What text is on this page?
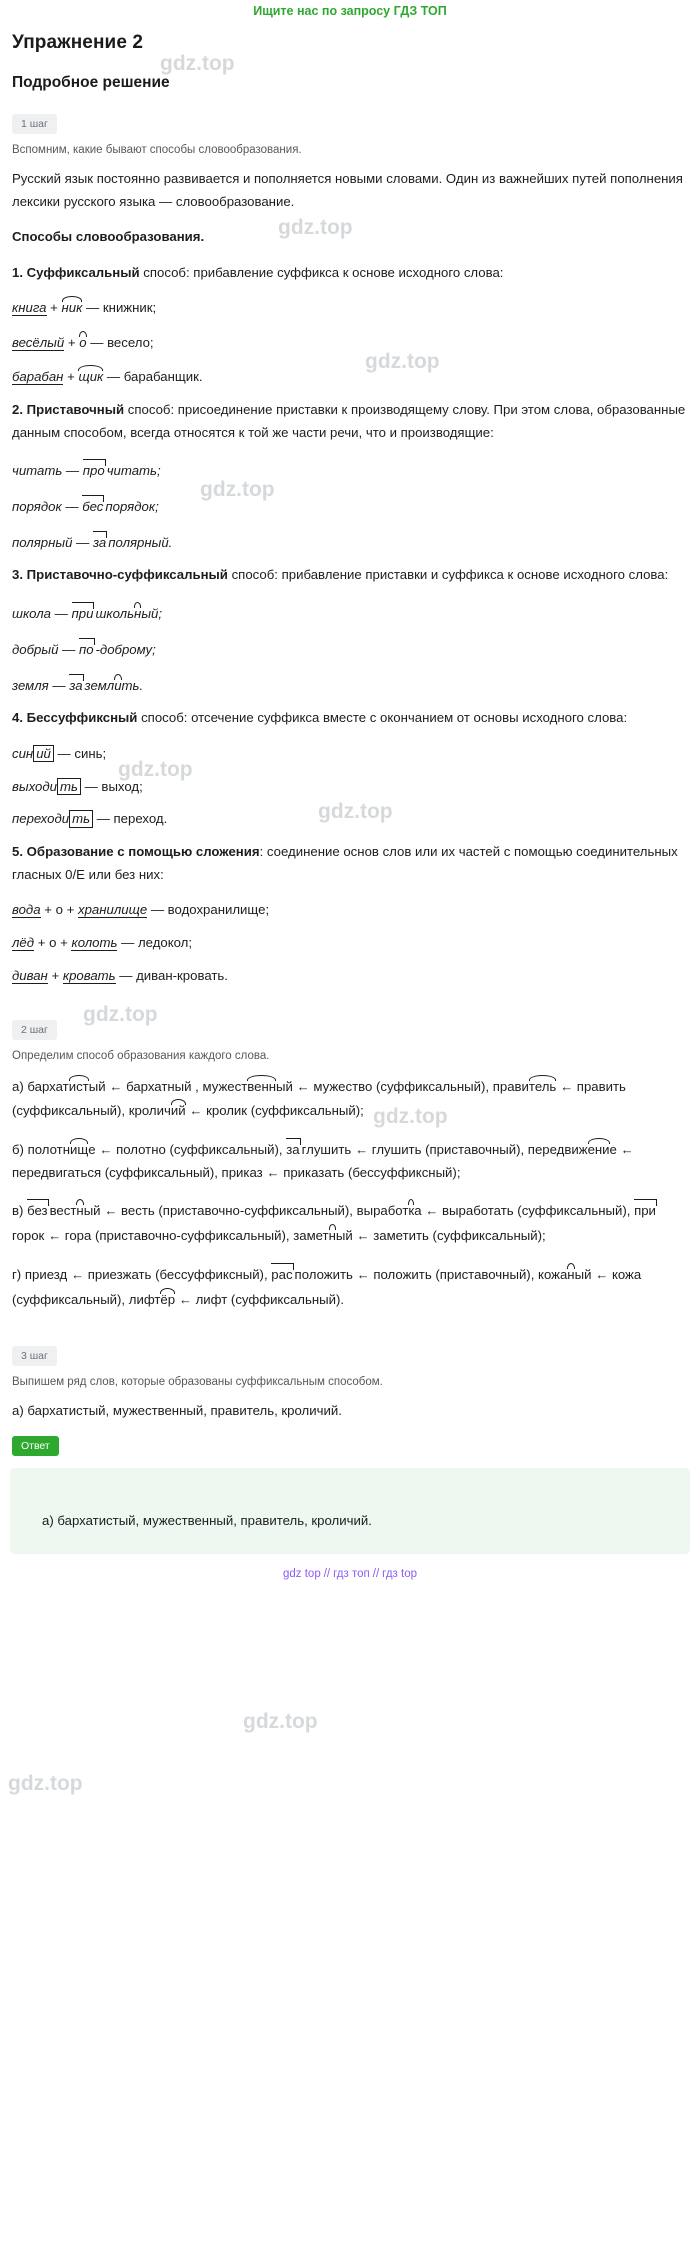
Ищите нас по запросу ГДЗ ТОП
Упражнение 2
Подробное решение
1 шаг
Вспомним, какие бывают способы словообразования.

Русский язык постоянно развивается и пополняется новыми словами. Один из важнейших путей пополнения лексики русского языка — словообразование.

Способы словообразования.

1. Суффиксальный способ: прибавление суффикса к основе исходного слова:

книга + ник — книжник;

весёлый + о — весело;

барабан + щик — барабанщик.

2. Приставочный способ: присоединение приставки к производящему слову. При этом слова, образованные данным способом, всегда относятся к той же части речи, что и производящие:

читать — про читать;

порядок — бес порядок;

полярный — за полярный.

3. Приставочно-суффиксальный способ: прибавление приставки и суффикса к основе исходного слова:

школа — при школьный;

добрый — по -доброму;

земля — за землить.

4. Бессуффиксный способ: отсечение суффикса вместе с окончанием от основы исходного слова:

син ий — синь;

выходи ть — выход;

переходи ть — переход.

5. Образование с помощью сложения: соединение основ слов или их частей с помощью соединительных гласных 0/Е или без них:

вода + о + хранилище — водохранилище;

лёд + о + колоть — ледокол;

диван + кровать — диван-кровать.

2 шаг
Определим способ образования каждого слова.

а) бархатистый ← бархатный , мужественный ← мужество (суффиксальный), правитель ← править (суффиксальный), кроличий ← кролик (суффиксальный);

б) полотнище ← полотно (суффиксальный), за глушить ← глушить (приставочный), передвижение ← передвигаться (суффиксальный), приказ ← приказать (бессуффиксный);

в) без вестный ← весть (приставочно-суффиксальный), выработка ← выработать (суффиксальный), пригорок ← гора (приставочно-суффиксальный), заметный ← заметить (суффиксальный);

г) приезд ← приезжать (бессуффиксный), рас положить ← положить (приставочный), кожаный ← кожа (суффиксальный), лифтёр ← лифт (суффиксальный).

3 шаг
Выпишем ряд слов, которые образованы суффиксальным способом.

а) бархатистый, мужественный, правитель, кроличий.

Ответ

а) бархатистый, мужественный, правитель, кроличий.

gdz top // гдз топ // гдз top
gdz.top
gdz.top
gdz.top
gdz.top
gdz.top
gdz.top
gdz.top
gdz.top
gdz.top
gdz.top
